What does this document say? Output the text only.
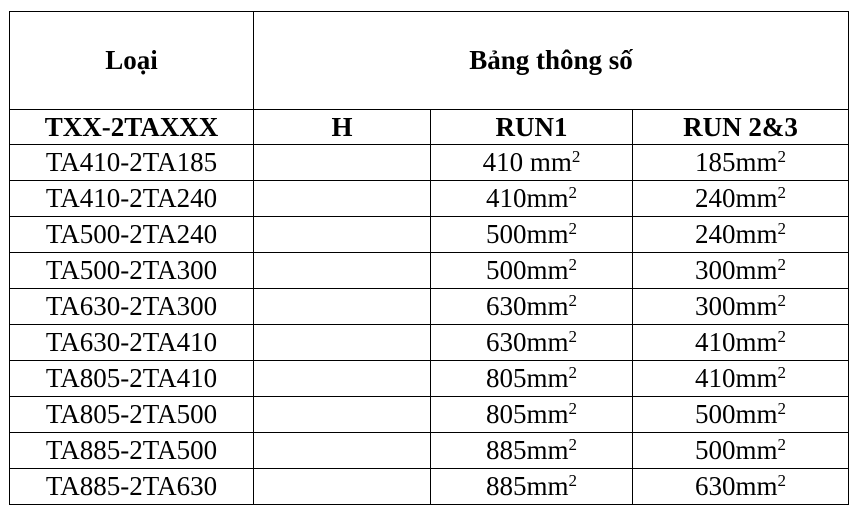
Loại	Bảng thông số		
TXX-2TAXXX	H	RUN1	RUN 2&3
TA410-2TA185		410 $mm^2$	$185mm^2$
TA410-2TA240		$410mm^2$	$240mm^2$
TA500-2TA240		$500mm^2$	$240mm^2$
TA500-2TA300		$500mm^2$	$300mm^2$
TA630-2TA300		$630mm^2$	$300mm^2$
TA630-2TA410		$630mm^2$	$410mm^2$
TA805-2TA410		$805mm^2$	$410mm^2$
TA805-2TA500		$805mm^2$	$500mm^2$
TA885-2TA500		$885mm^2$	$500mm^2$
TA885-2TA630		$885mm^2$	$630mm^2$
